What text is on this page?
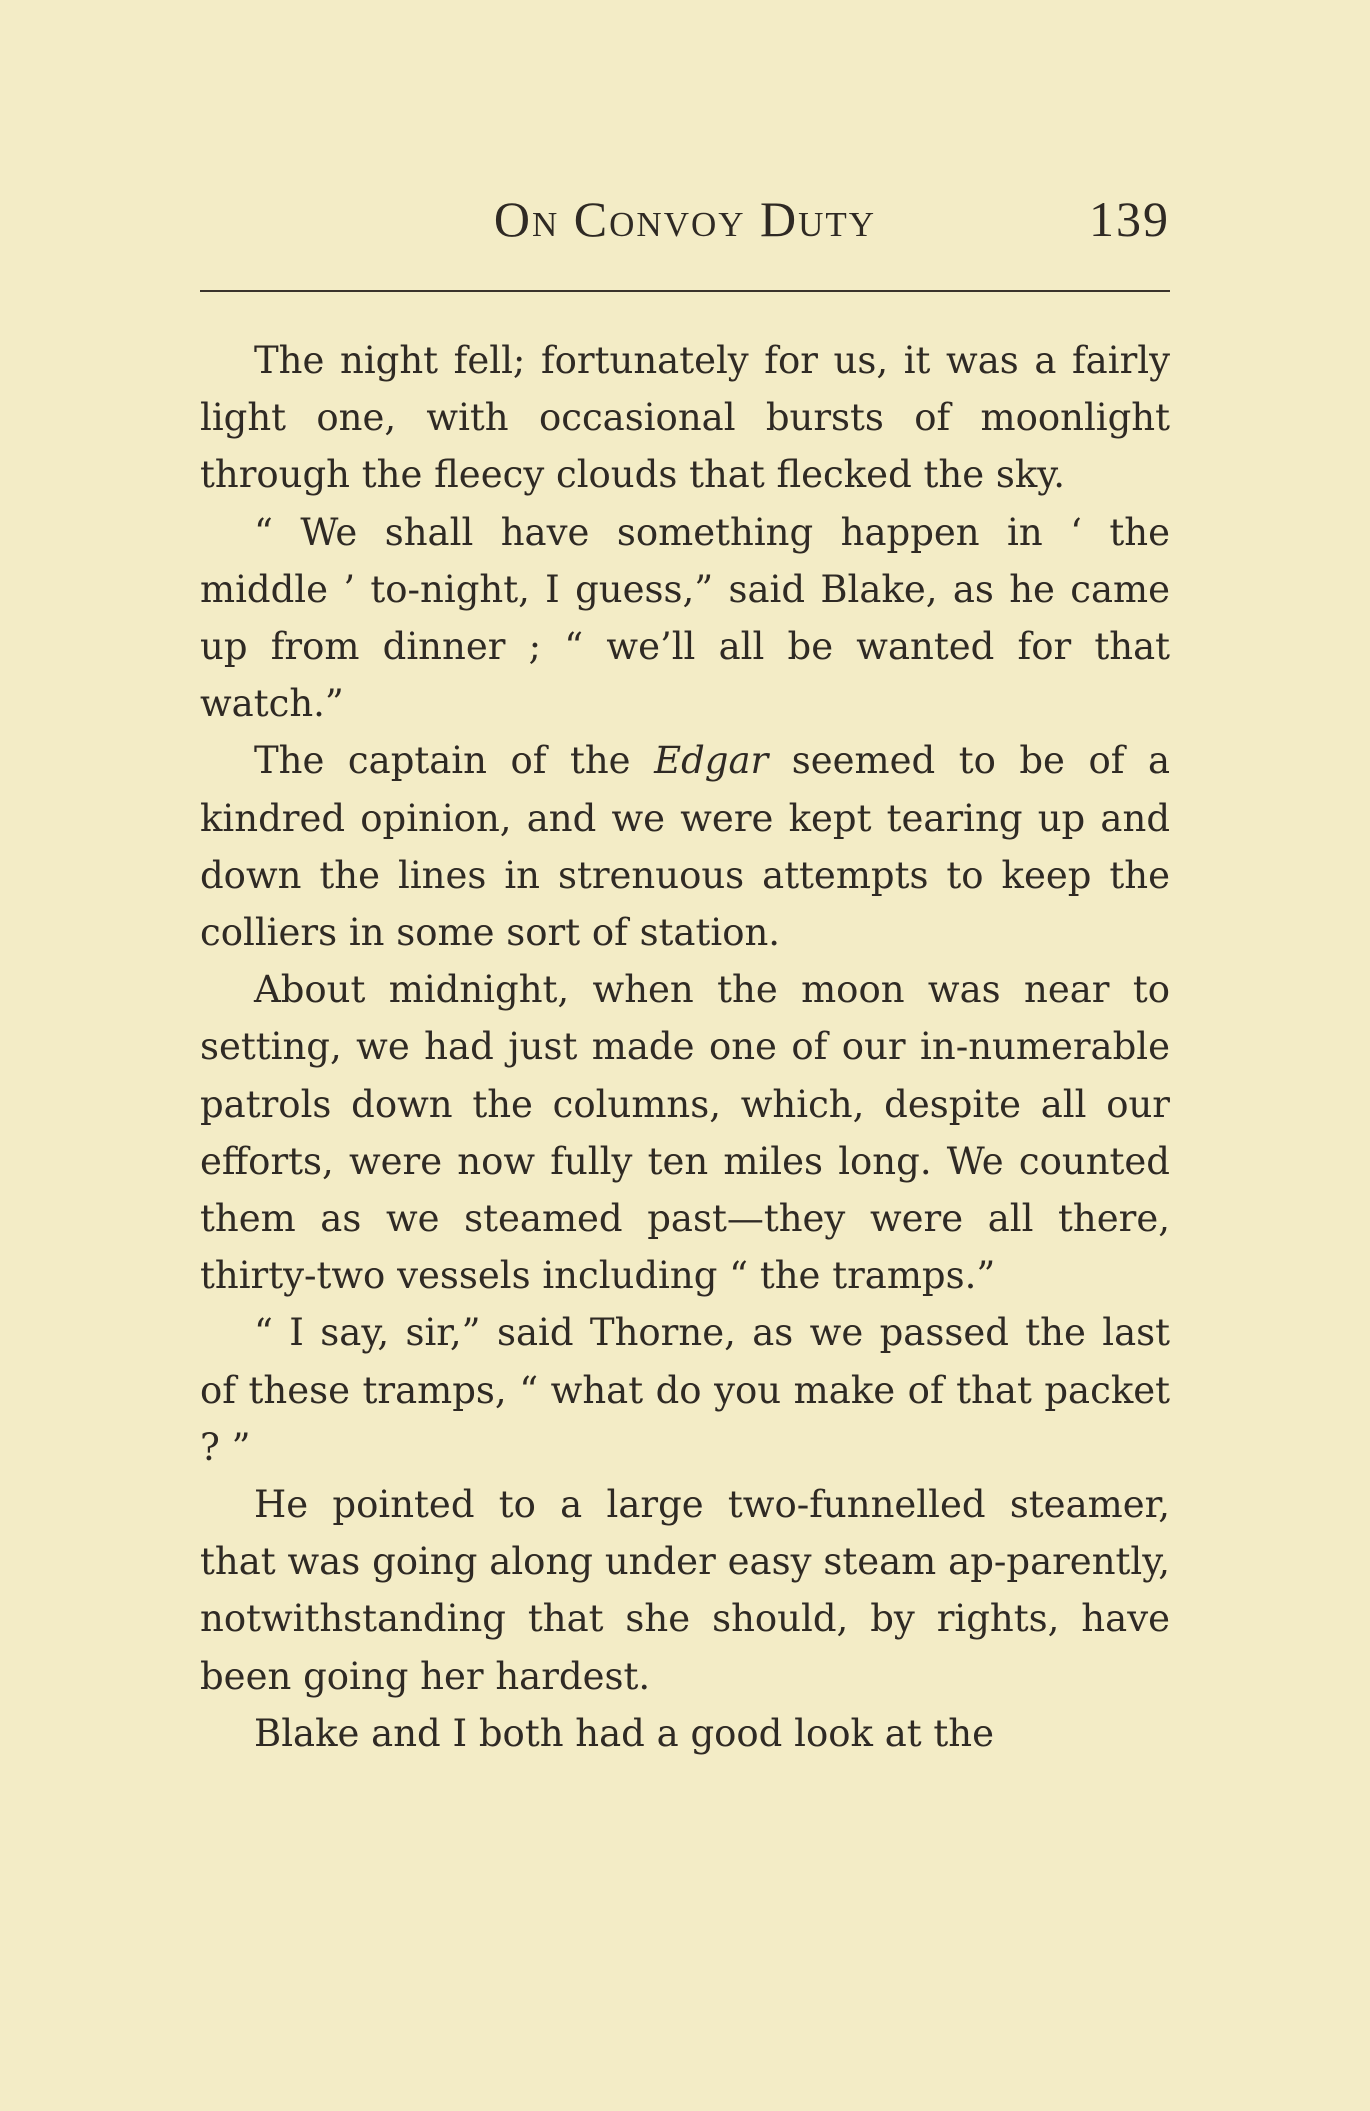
On Convoy Duty	139

The night fell; fortunately for us, it was a fairly light one, with occasional bursts of moonlight through the fleecy clouds that flecked the sky.

“ We shall have something happen in ‘ the middle ’ to-night, I guess,” said Blake, as he came up from dinner ; “ we’ll all be wanted for that watch.”

The captain of the Edgar seemed to be of a kindred opinion, and we were kept tearing up and down the lines in strenuous attempts to keep the colliers in some sort of station.

About midnight, when the moon was near to setting, we had just made one of our in-numerable patrols down the columns, which, despite all our efforts, were now fully ten miles long. We counted them as we steamed past—they were all there, thirty-two vessels including “ the tramps.”

“ I say, sir,” said Thorne, as we passed the last of these tramps, “ what do you make of that packet ? ”

He pointed to a large two-funnelled steamer, that was going along under easy steam ap-parently, notwithstanding that she should, by rights, have been going her hardest.

Blake and I both had a good look at the
